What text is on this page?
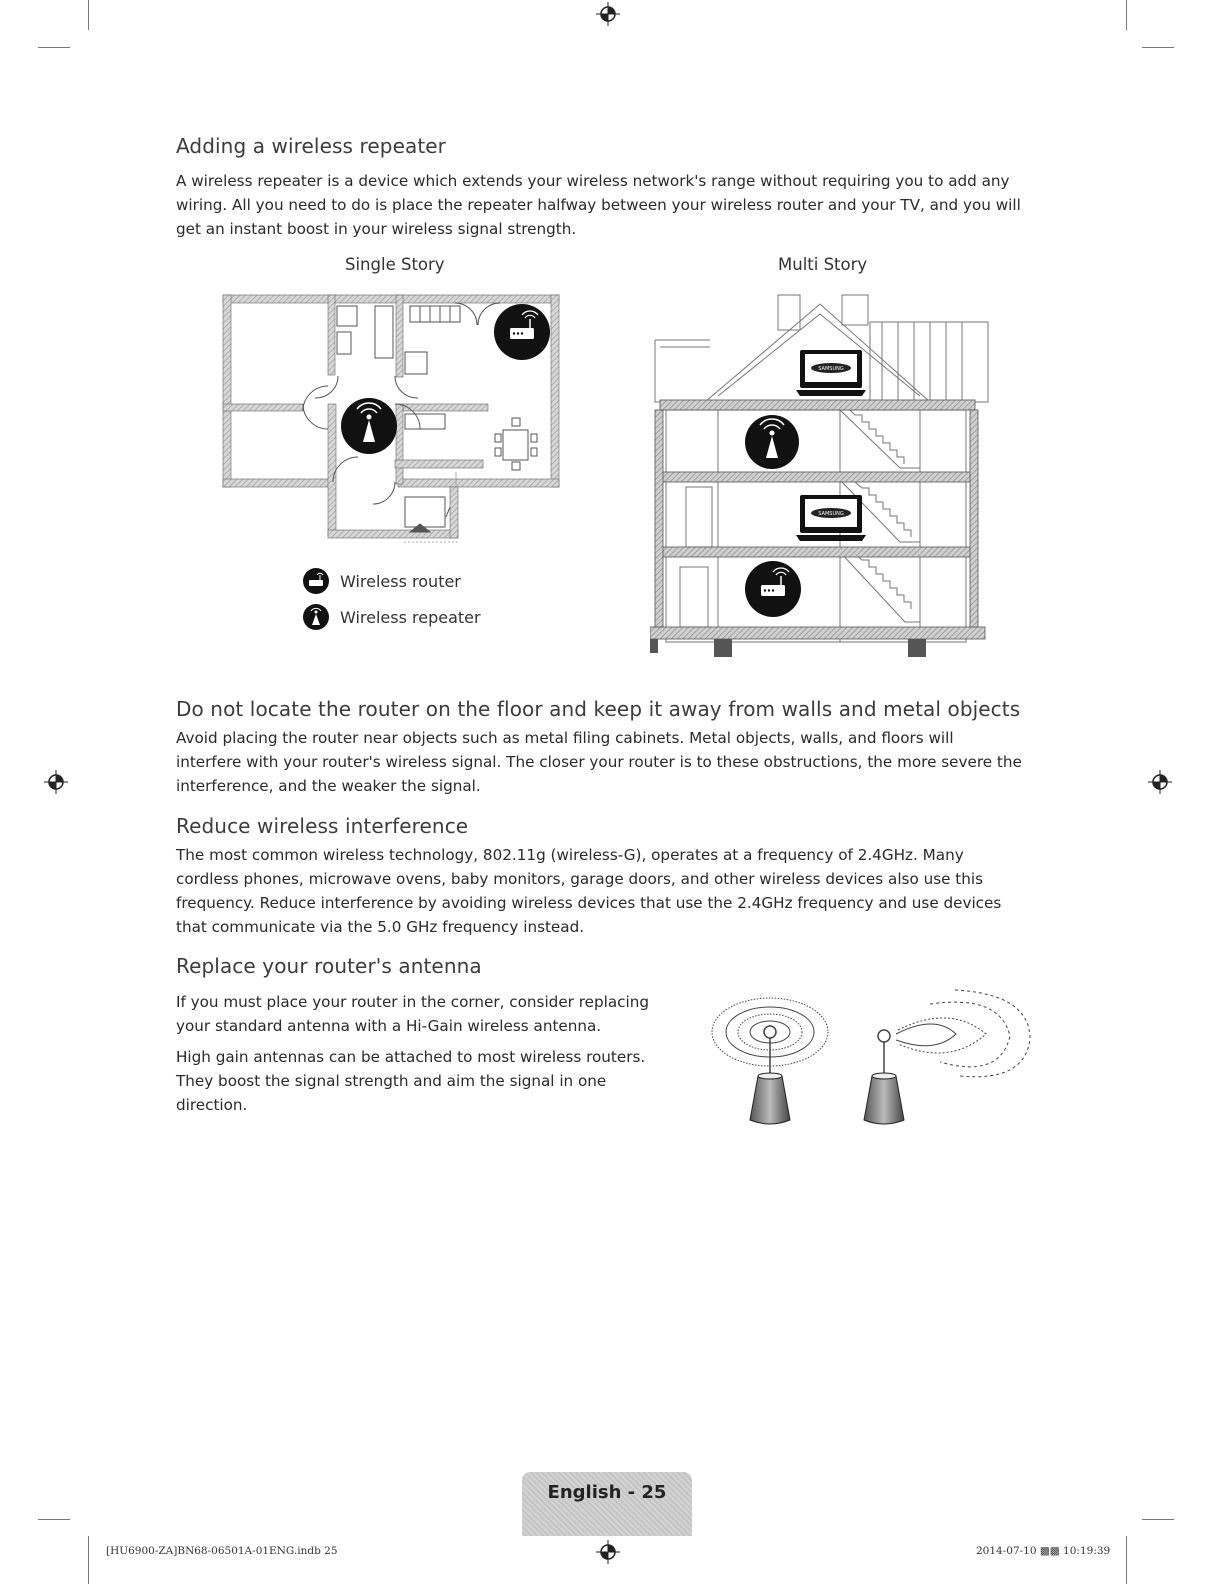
Adding a wireless repeater
A wireless repeater is a device which extends your wireless network's range without requiring you to add any
wiring. All you need to do is place the repeater halfway between your wireless router and your TV, and you will
get an instant boost in your wireless signal strength.
Single Story	Multi Story
Wireless router
Wireless repeater
SAMSUNG
SAMSUNG
Do not locate the router on the floor and keep it away from walls and metal objects
Avoid placing the router near objects such as metal filing cabinets. Metal objects, walls, and floors will
interfere with your router's wireless signal. The closer your router is to these obstructions, the more severe the
interference, and the weaker the signal.
Reduce wireless interference
The most common wireless technology, 802.11g (wireless-G), operates at a frequency of 2.4GHz. Many
cordless phones, microwave ovens, baby monitors, garage doors, and other wireless devices also use this
frequency. Reduce interference by avoiding wireless devices that use the 2.4GHz frequency and use devices
that communicate via the 5.0 GHz frequency instead.
Replace your router's antenna
If you must place your router in the corner, consider replacing
your standard antenna with a Hi-Gain wireless antenna.
High gain antennas can be attached to most wireless routers.
They boost the signal strength and aim the signal in one
direction.
English - 25
[HU6900-ZA]BN68-06501A-01ENG.indb 25	2014-07-10 ▩▩ 10:19:39
